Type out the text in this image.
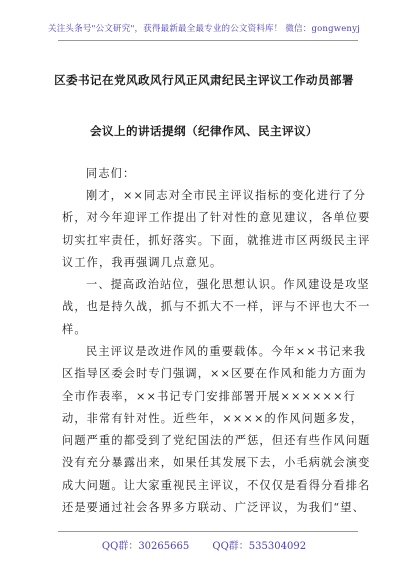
关注头条号"公文研究"，获得最新最全最专业的公文资料库！ 微信：gongwenyj
区委书记在党风政风行风正风肃纪民主评议工作动员部署
会议上的讲话提纲（纪律作风、民主评议）
同志们：
刚才，××同志对全市民主评议指标的变化进行了分
析，对今年迎评工作提出了针对性的意见建议，各单位要
切实扛牢责任，抓好落实。下面，就推进市区两级民主评
议工作，我再强调几点意见。
一、提高政治站位，强化思想认识。作风建设是攻坚
战，也是持久战，抓与不抓大不一样，评与不评也大不一
样。
民主评议是改进作风的重要载体。今年××书记来我
区指导区委会时专门强调，××区要在作风和能力方面为
全市作表率，××书记专门安排部署开展××××××行
动，非常有针对性。近些年，××××的作风问题多发，
问题严重的都受到了党纪国法的严惩，但还有些作风问题
没有充分暴露出来，如果任其发展下去，小毛病就会演变
成大问题。让大家重视民主评议，不仅仅是看得分看排名
还是要通过社会各界多方联动、广泛评议，为我们“望、
QQ群：30265665 QQ群：535304092
